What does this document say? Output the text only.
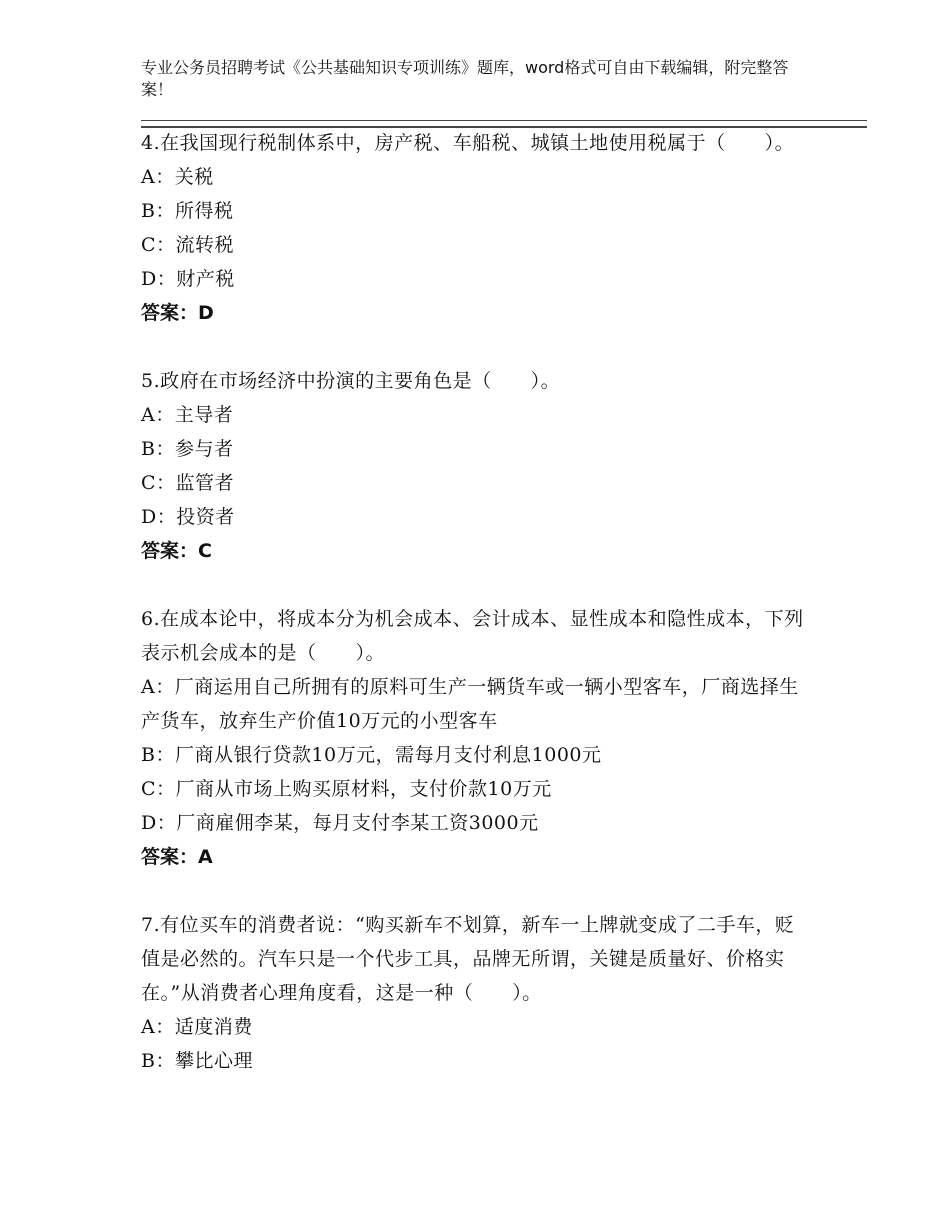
专业公务员招聘考试《公共基础知识专项训练》题库，word格式可自由下载编辑，附完整答案！

4.在我国现行税制体系中，房产税、车船税、城镇土地使用税属于（　　）。

A：关税

B：所得税

C：流转税

D：财产税

答案：D

5.政府在市场经济中扮演的主要角色是（　　）。

A：主导者

B：参与者

C：监管者

D：投资者

答案：C

6.在成本论中，将成本分为机会成本、会计成本、显性成本和隐性成本，下列表示机会成本的是（　　）。

A：厂商运用自己所拥有的原料可生产一辆货车或一辆小型客车，厂商选择生产货车，放弃生产价值10万元的小型客车

B：厂商从银行贷款10万元，需每月支付利息1000元

C：厂商从市场上购买原材料，支付价款10万元

D：厂商雇佣李某，每月支付李某工资3000元

答案：A

7.有位买车的消费者说：“购买新车不划算，新车一上牌就变成了二手车，贬值是必然的。汽车只是一个代步工具，品牌无所谓，关键是质量好、价格实在。”从消费者心理角度看，这是一种（　　）。

A：适度消费

B：攀比心理
